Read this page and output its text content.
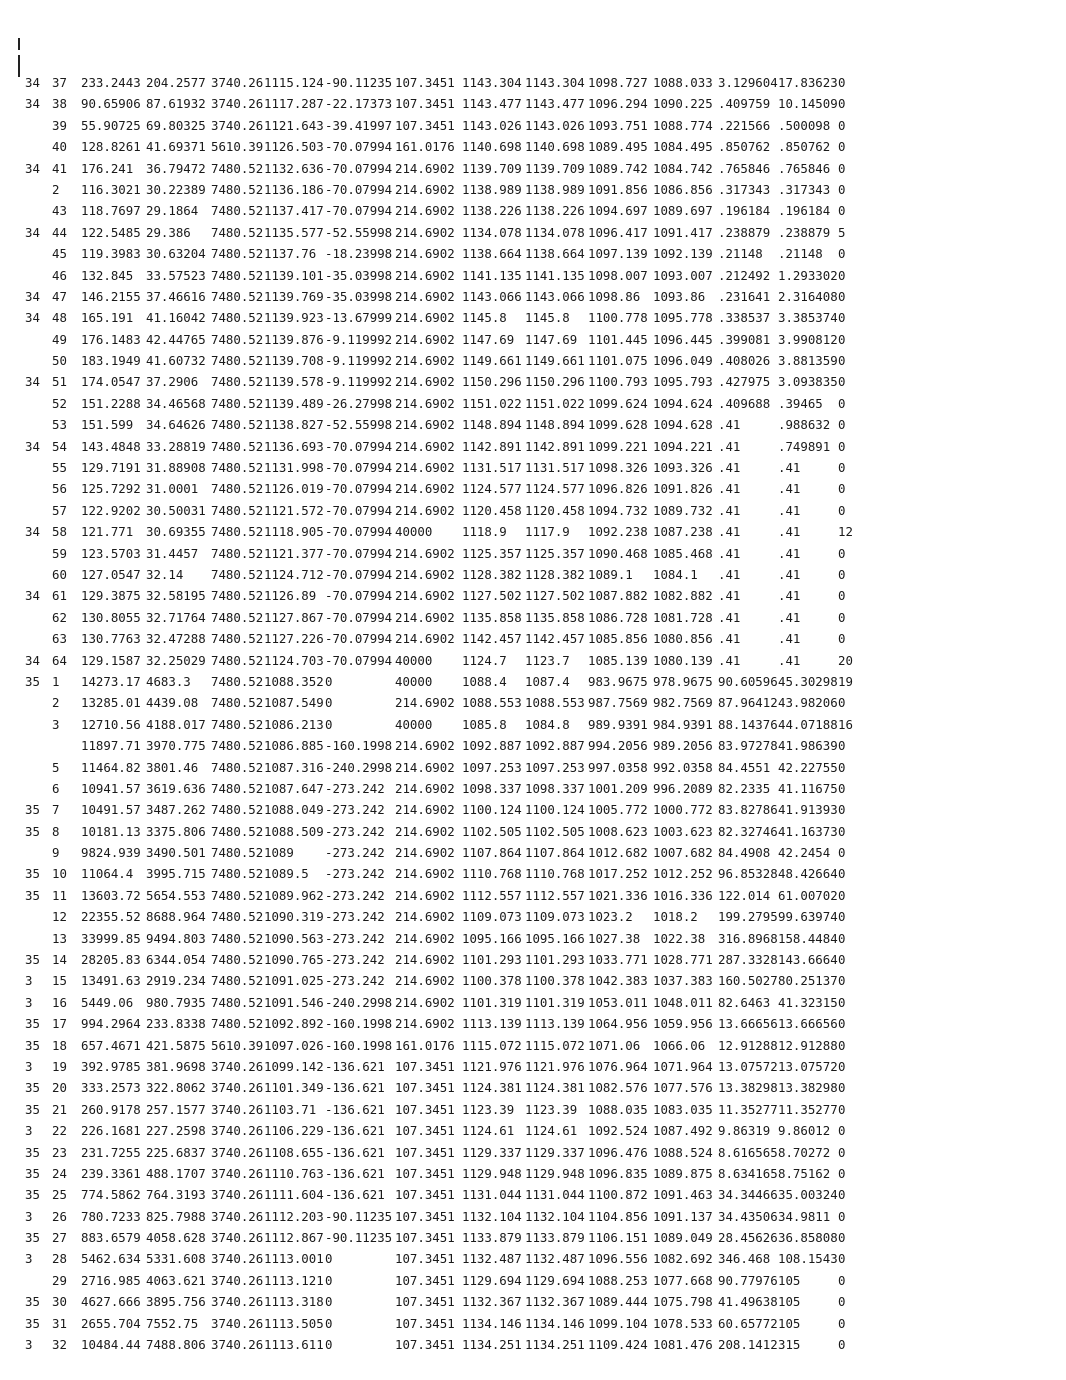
34 37	233.2443 204.2577 3740.26 1115.124 -90.11235 107.3451 1143.304 1143.304 1098.727 1088.033 3.129604 17.83623 0
34 38	90.65906 87.61932 3740.26 1117.287 -22.17373 107.3451 1143.477 1143.477 1096.294 1090.225 .409759 10.14509 0
39	55.90725 69.80325 3740.26 1121.643 -39.41997 107.3451 1143.026 1143.026 1093.751 1088.774 .221566 .500098 0
40	128.8261 41.69371 5610.39 1126.503 -70.07994 161.0176 1140.698 1140.698 1089.495 1084.495 .850762 .850762 0
34 41	176.241	36.79472 7480.52 1132.636 -70.07994 214.6902 1139.709 1139.709 1089.742 1084.742 .765846 .765846 0
2	116.3021 30.22389 7480.52 1136.186 -70.07994 214.6902 1138.989 1138.989 1091.856 1086.856 .317343 .317343 0
43	118.7697 29.1864	7480.52 1137.417 -70.07994 214.6902 1138.226 1138.226 1094.697 1089.697 .196184 .196184 0
34 44	122.5485 29.386	7480.52 1135.577 -52.55998 214.6902 1134.078 1134.078 1096.417 1091.417 .238879 .238879 5
45	119.3983 30.63204 7480.52 1137.76 -18.23998 214.6902 1138.664 1138.664 1097.139 1092.139 .21148	.21148	0
46	132.845	33.57523 7480.52 1139.101 -35.03998 214.6902 1141.135 1141.135 1098.007 1093.007 .212492 1.293302 0
34 47	146.2155 37.46616 7480.52 1139.769 -35.03998 214.6902 1143.066 1143.066 1098.86	1093.86	.231641 2.316408 0
34 48	165.191	41.16042 7480.52 1139.923 -13.67999 214.6902 1145.8	1145.8	1100.778 1095.778 .338537 3.385374 0
49	176.1483 42.44765 7480.52 1139.876 -9.119992 214.6902 1147.69 1147.69 1101.445 1096.445 .399081 3.990812 0
50	183.1949 41.60732 7480.52 1139.708 -9.119992 214.6902 1149.661 1149.661 1101.075 1096.049 .408026 3.881359 0
34 51	174.0547 37.2906	7480.52 1139.578 -9.119992 214.6902 1150.296 1150.296 1100.793 1095.793 .427975 3.093835 0
52	151.2288 34.46568 7480.52 1139.489 -26.27998 214.6902 1151.022 1151.022 1099.624 1094.624 .409688 .39465	0
53	151.599	34.64626 7480.52 1138.827 -52.55998 214.6902 1148.894 1148.894 1099.628 1094.628 .41	.988632 0
34 54	143.4848 33.28819 7480.52 1136.693 -70.07994 214.6902 1142.891 1142.891 1099.221 1094.221 .41	.749891 0
55	129.7191 31.88908 7480.52 1131.998 -70.07994 214.6902 1131.517 1131.517 1098.326 1093.326 .41	.41	0
56	125.7292 31.0001	7480.52 1126.019 -70.07994 214.6902 1124.577 1124.577 1096.826 1091.826 .41	.41	0
57	122.9202 30.50031 7480.52 1121.572 -70.07994 214.6902 1120.458 1120.458 1094.732 1089.732 .41	.41	0
34 58	121.771	30.69355 7480.52 1118.905 -70.07994 40000	1118.9	1117.9	1092.238 1087.238 .41	.41	12
59	123.5703 31.4457	7480.52 1121.377 -70.07994 214.6902 1125.357 1125.357 1090.468 1085.468 .41	.41	0
60	127.0547 32.14	7480.52 1124.712 -70.07994 214.6902 1128.382 1128.382 1089.1	1084.1	.41	.41	0
34 61	129.3875 32.58195 7480.52 1126.89 -70.07994 214.6902 1127.502 1127.502 1087.882 1082.882 .41	.41	0
62	130.8055 32.71764 7480.52 1127.867 -70.07994 214.6902 1135.858 1135.858 1086.728 1081.728 .41	.41	0
63	130.7763 32.47288 7480.52 1127.226 -70.07994 214.6902 1142.457 1142.457 1085.856 1080.856 .41	.41	0
34 64	129.1587 32.25029 7480.52 1124.703 -70.07994 40000	1124.7	1123.7	1085.139 1080.139 .41	.41	20
35 1	14273.17 4683.3	7480.52 1088.352 0	40000	1088.4	1087.4	983.9675 978.9675 90.60596 45.30298 19
2	13285.01 4439.08	7480.52 1087.549 0	214.6902 1088.553 1088.553 987.7569 982.7569 87.96412 43.98206 0
3	12710.56 4188.017 7480.52 1086.213 0	40000	1085.8	1084.8	989.9391 984.9391 88.14376 44.07188 16
11897.71 3970.775 7480.52 1086.885 -160.1998 214.6902 1092.887 1092.887 994.2056 989.2056 83.97278 41.98639 0
5	11464.82 3801.46	7480.52 1087.316 -240.2998 214.6902 1097.253 1097.253 997.0358 992.0358 84.4551 42.22755 0
6	10941.57 3619.636 7480.52 1087.647 -273.242 214.6902 1098.337 1098.337 1001.209 996.2089 82.2335 41.11675 0
35 7	10491.57 3487.262 7480.52 1088.049 -273.242 214.6902 1100.124 1100.124 1005.772 1000.772 83.82786 41.91393 0
35 8	10181.13 3375.806 7480.52 1088.509 -273.242 214.6902 1102.505 1102.505 1008.623 1003.623 82.32746 41.16373 0
9	9824.939 3490.501 7480.52 1089	-273.242 214.6902 1107.864 1107.864 1012.682 1007.682 84.4908 42.2454 0
35 10	11064.4	3995.715 7480.52 1089.5	-273.242 214.6902 1110.768 1110.768 1017.252 1012.252 96.85328 48.42664 0
35 11	13603.72 5654.553 7480.52 1089.962 -273.242 214.6902 1112.557 1112.557 1021.336 1016.336 122.014 61.00702 0
12	22355.52 8688.964 7480.52 1090.319 -273.242 214.6902 1109.073 1109.073 1023.2	1018.2	199.2795 99.63974 0
13	33999.85 9494.803 7480.52 1090.563 -273.242 214.6902 1095.166 1095.166 1027.38	1022.38	316.8968 158.4484 0
35 14	28205.83 6344.054 7480.52 1090.765 -273.242 214.6902 1101.293 1101.293 1033.771 1028.771 287.3328 143.6664 0
3	15	13491.63 2919.234 7480.52 1091.025 -273.242 214.6902 1100.378 1100.378 1042.383 1037.383 160.5027 80.25137 0
3	16	5449.06	980.7935 7480.52 1091.546 -240.2998 214.6902 1101.319 1101.319 1053.011 1048.011 82.6463 41.32315 0
35 17	994.2964 233.8338 7480.52 1092.892 -160.1998 214.6902 1113.139 1113.139 1064.956 1059.956 13.66656 13.66656 0
35 18	657.4671 421.5875 5610.39 1097.026 -160.1998 161.0176 1115.072 1115.072 1071.06	1066.06	12.91288 12.91288 0
3	19	392.9785 381.9698 3740.26 1099.142 -136.621 107.3451 1121.976 1121.976 1076.964 1071.964 13.07572 13.07572 0
35 20	333.2573 322.8062 3740.26 1101.349 -136.621 107.3451 1124.381 1124.381 1082.576 1077.576 13.38298 13.38298 0
35 21	260.9178 257.1577 3740.26 1103.71 -136.621 107.3451 1123.39 1123.39 1088.035 1083.035 11.35277 11.35277 0
3	22	226.1681 227.2598 3740.26 1106.229 -136.621 107.3451 1124.61 1124.61 1092.524 1087.492 9.86319 9.86012 0
35 23	231.7255 225.6837 3740.26 1108.655 -136.621 107.3451 1129.337 1129.337 1096.476 1088.524 8.616565 8.70272 0
35 24	239.3361 488.1707 3740.26 1110.763 -136.621 107.3451 1129.948 1129.948 1096.835 1089.875 8.634165 8.75162 0
35 25	774.5862 764.3193 3740.26 1111.604 -136.621 107.3451 1131.044 1131.044 1100.872 1091.463 34.34466 35.00324 0
3	26	780.7233 825.7988 3740.26 1112.203 -90.11235 107.3451 1132.104 1132.104 1104.856 1091.137 34.43506 34.9811 0
35 27	883.6579 4058.628 3740.26 1112.867 -90.11235 107.3451 1133.879 1133.879 1106.151 1089.049 28.45626 36.85808 0
3	28	5462.634 5331.608 3740.26 1113.001 0	107.3451 1132.487 1132.487 1096.556 1082.692 346.468 108.1543 0
29	2716.985 4063.621 3740.26 1113.121 0	107.3451 1129.694 1129.694 1088.253 1077.668 90.77976 105	0
35 30	4627.666 3895.756 3740.26 1113.318 0	107.3451 1132.367 1132.367 1089.444 1075.798 41.49638 105	0
35 31	2655.704 7552.75	3740.26 1113.505 0	107.3451 1134.146 1134.146 1099.104 1078.533 60.65772 105	0
3	32	10484.44 7488.806 3740.26 1113.611 0	107.3451 1134.251 1134.251 1109.424 1081.476 208.1412 315	0
